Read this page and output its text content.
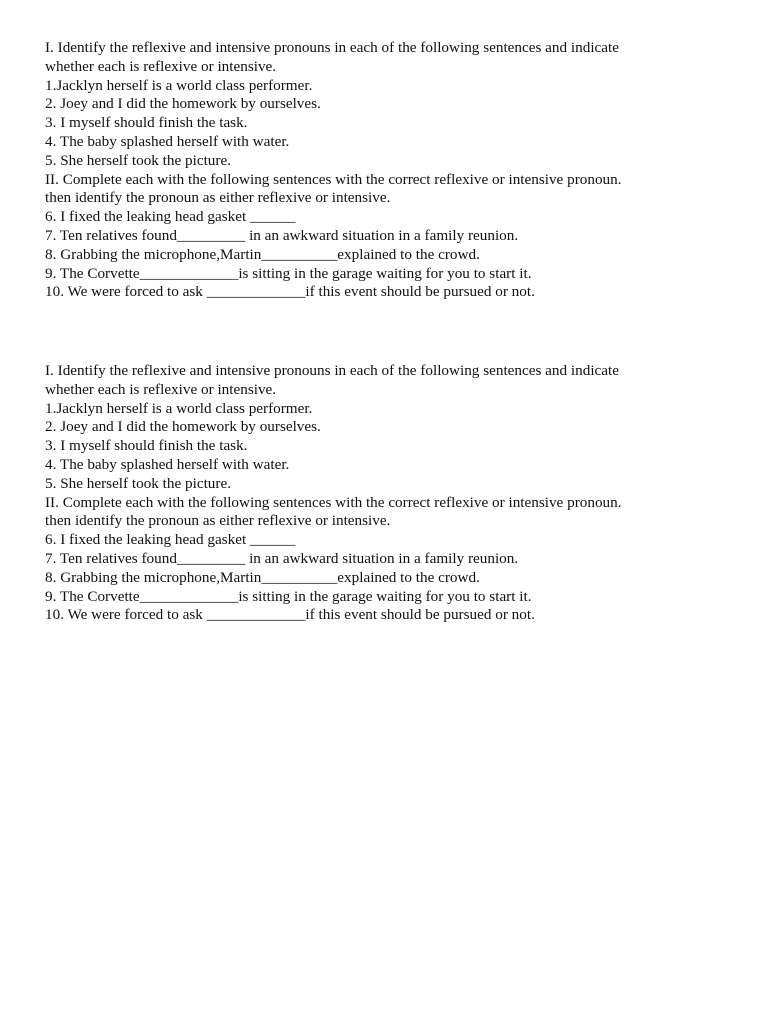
I. Identify the reflexive and intensive pronouns in each of the following sentences and indicate

whether each is reflexive or intensive.

1.Jacklyn herself is a world class performer.

2. Joey and I did the homework by ourselves.

3. I myself should finish the task.

4. The baby splashed herself with water.

5. She herself took the picture.

II. Complete each with the following sentences with the correct reflexive or intensive pronoun.

then identify the pronoun as either reflexive or intensive.

6. I fixed the leaking head gasket ______

7. Ten relatives found_________ in an awkward situation in a family reunion.

8. Grabbing the microphone,Martin__________explained to the crowd.

9. The Corvette_____________is sitting in the garage waiting for you to start it.

10. We were forced to ask _____________if this event should be pursued or not.

I. Identify the reflexive and intensive pronouns in each of the following sentences and indicate

whether each is reflexive or intensive.

1.Jacklyn herself is a world class performer.

2. Joey and I did the homework by ourselves.

3. I myself should finish the task.

4. The baby splashed herself with water.

5. She herself took the picture.

II. Complete each with the following sentences with the correct reflexive or intensive pronoun.

then identify the pronoun as either reflexive or intensive.

6. I fixed the leaking head gasket ______

7. Ten relatives found_________ in an awkward situation in a family reunion.

8. Grabbing the microphone,Martin__________explained to the crowd.

9. The Corvette_____________is sitting in the garage waiting for you to start it.

10. We were forced to ask _____________if this event should be pursued or not.
